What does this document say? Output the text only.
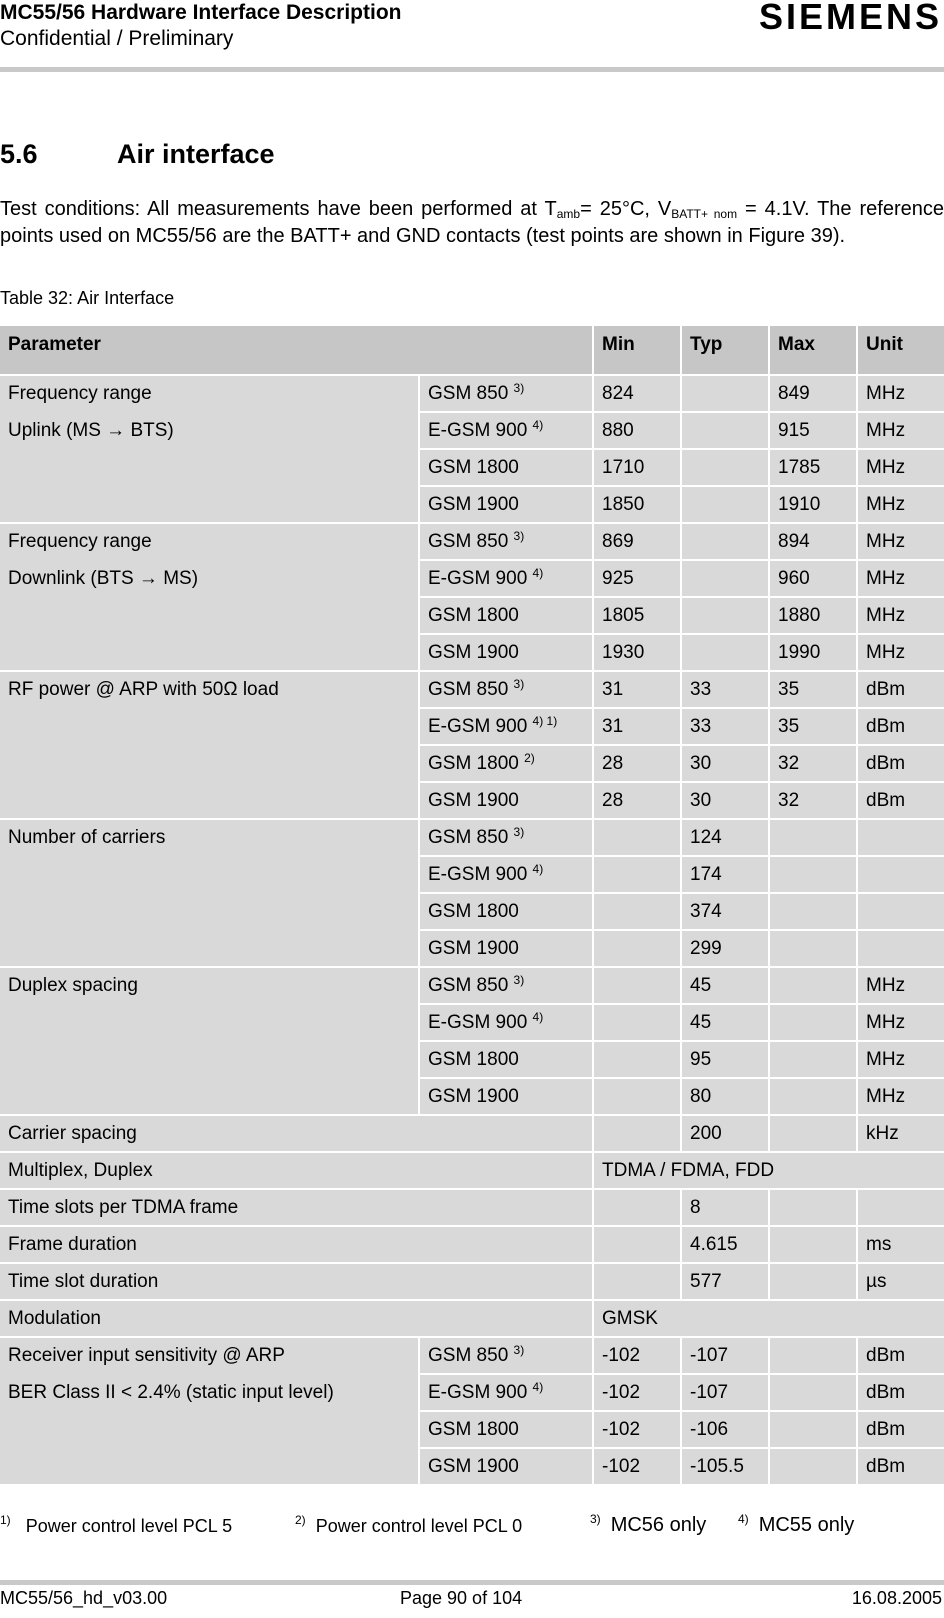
MC55/56 Hardware Interface Description
Confidential / Preliminary
SIEMENS
5.6	Air interface
Test conditions: All measurements have been performed at $T_{amb}= 25^\circ C$, $V_{BATT+ nom} = 4.1V$. The reference points used on MC55/56 are the BATT+ and GND contacts (test points are shown in Figure 39).
Table 32: Air Interface
Parameter		Min	Typ	Max	Unit

Frequency range
Uplink (MS → BTS)	GSM 850 $^{3)}$	824		849	MHz
	E-GSM 900 $^{4)}$	880		915	MHz
	GSM 1800	1710		1785	MHz
	GSM 1900	1850		1910	MHz

Frequency range
Downlink (BTS → MS)	GSM 850 $^{3)}$	869		894	MHz
	E-GSM 900 $^{4)}$	925		960	MHz
	GSM 1800	1805		1880	MHz
	GSM 1900	1930		1990	MHz

RF power @ ARP with 50Ω load	GSM 850 $^{3)}$	31	33	35	dBm
	E-GSM 900 $^{4) 1)}$	31	33	35	dBm
	GSM 1800 $^{2)}$	28	30	32	dBm
	GSM 1900	28	30	32	dBm

Number of carriers	GSM 850 $^{3)}$		124		
	E-GSM 900 $^{4)}$		174		
	GSM 1800		374		
	GSM 1900		299		

Duplex spacing	GSM 850 $^{3)}$		45		MHz
	E-GSM 900 $^{4)}$		45		MHz
	GSM 1800		95		MHz
	GSM 1900		80		MHz
Carrier spacing			200		kHz
Multiplex, Duplex		TDMA / FDMA, FDD			
Time slots per TDMA frame			8		
Frame duration			4.615		ms
Time slot duration			577		µs
Modulation		GMSK			

Receiver input sensitivity @ ARP
BER Class II < 2.4% (static input level)	GSM 850 $^{3)}$	-102	-107		dBm
	E-GSM 900 $^{4)}$	-102	-107		dBm
	GSM 1800	-102	-106		dBm
	GSM 1900	-102	-105.5		dBm
$^{1)}$ Power control level PCL 5	$^{2)}$ Power control level PCL 0	$^{3)}$ MC56 only	$^{4)}$ MC55 only
MC55/56_hd_v03.00	Page 90 of 104	16.08.2005
